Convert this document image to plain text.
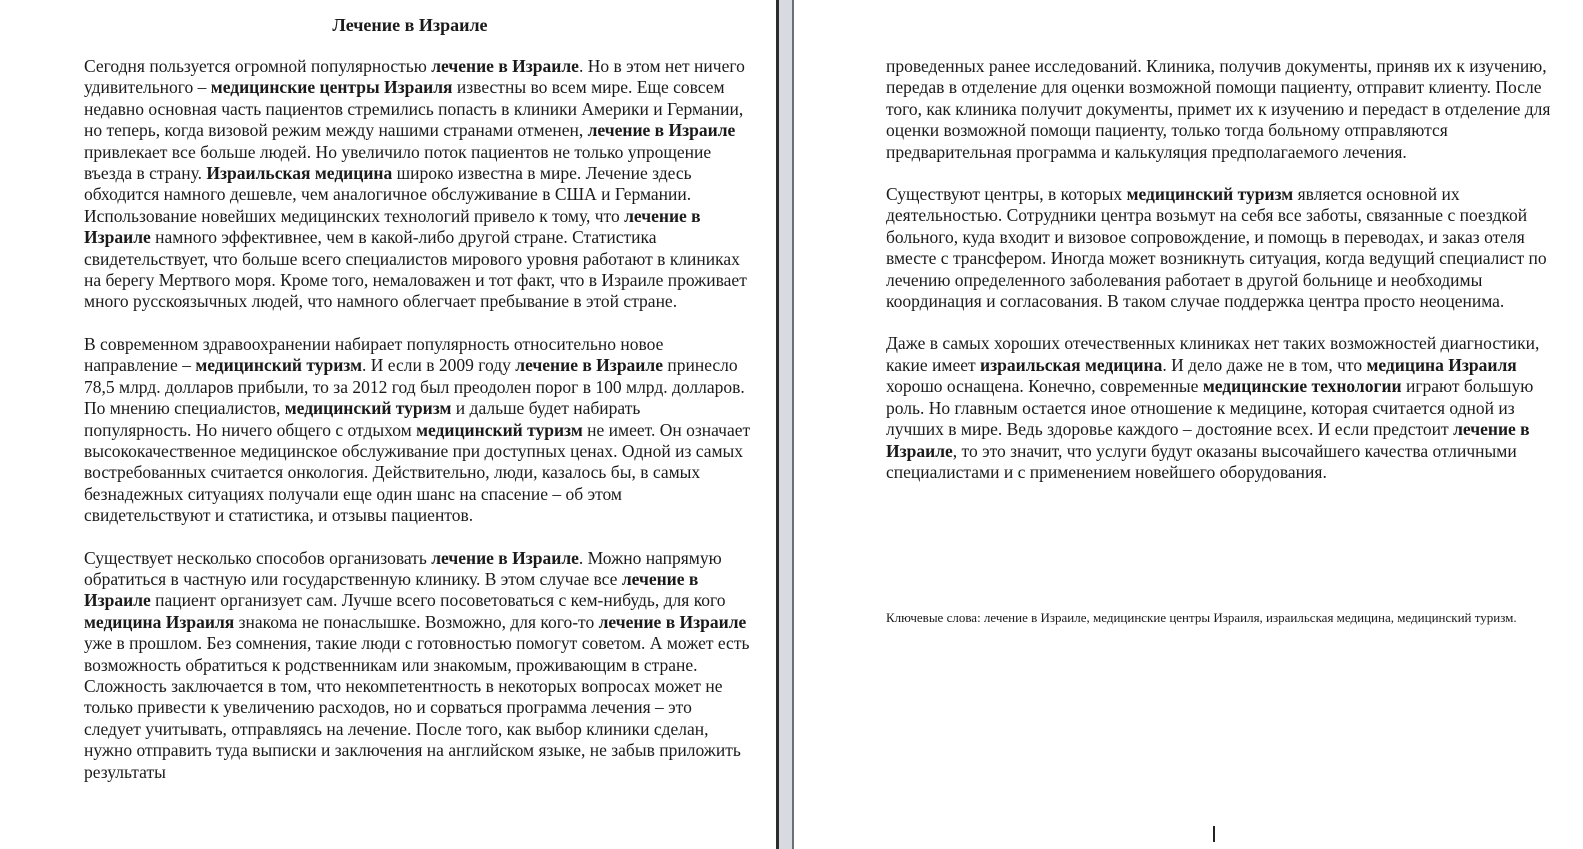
Лечение в Израиле

Сегодня пользуется огромной популярностью лечение в Израиле. Но в этом нет ничего удивительного – медицинские центры Израиля известны во всем мире. Еще совсем недавно основная часть пациентов стремились попасть в клиники Америки и Германии, но теперь, когда визовой режим между нашими странами отменен, лечение в Израиле привлекает все больше людей. Но увеличило поток пациентов не только упрощение въезда в страну. Израильская медицина широко известна в мире. Лечение здесь обходится намного дешевле, чем аналогичное обслуживание в США и Германии. Использование новейших медицинских технологий привело к тому, что лечение в Израиле намного эффективнее, чем в какой-либо другой стране. Статистика свидетельствует, что больше всего специалистов мирового уровня работают в клиниках на берегу Мертвого моря. Кроме того, немаловажен и тот факт, что в Израиле проживает много русскоязычных людей, что намного облегчает пребывание в этой стране.

В современном здравоохранении набирает популярность относительно новое направление – медицинский туризм. И если в 2009 году лечение в Израиле принесло 78,5 млрд. долларов прибыли, то за 2012 год был преодолен порог в 100 млрд. долларов. По мнению специалистов, медицинский туризм и дальше будет набирать популярность. Но ничего общего с отдыхом медицинский туризм не имеет. Он означает высококачественное медицинское обслуживание при доступных ценах. Одной из самых востребованных считается онкология. Действительно, люди, казалось бы, в самых безнадежных ситуациях получали еще один шанс на спасение – об этом свидетельствуют и статистика, и отзывы пациентов.

Существует несколько способов организовать лечение в Израиле. Можно напрямую обратиться в частную или государственную клинику. В этом случае все лечение в Израиле пациент организует сам. Лучше всего посоветоваться с кем-нибудь, для кого медицина Израиля знакома не понаслышке. Возможно, для кого-то лечение в Израиле уже в прошлом. Без сомнения, такие люди с готовностью помогут советом. А может есть возможность обратиться к родственникам или знакомым, проживающим в стране. Сложность заключается в том, что некомпетентность в некоторых вопросах может не только привести к увеличению расходов, но и сорваться программа лечения – это следует учитывать, отправляясь на лечение. После того, как выбор клиники сделан, нужно отправить туда выписки и заключения на английском языке, не забыв приложить результаты

проведенных ранее исследований. Клиника, получив документы, приняв их к изучению, передав в отделение для оценки возможной помощи пациенту, отправит клиенту. После того, как клиника получит документы, примет их к изучению и передаст в отделение для оценки возможной помощи пациенту, только тогда больному отправляются предварительная программа и калькуляция предполагаемого лечения.

Существуют центры, в которых медицинский туризм является основной их деятельностью. Сотрудники центра возьмут на себя все заботы, связанные с поездкой больного, куда входит и визовое сопровождение, и помощь в переводах, и заказ отеля вместе с трансфером. Иногда может возникнуть ситуация, когда ведущий специалист по лечению определенного заболевания работает в другой больнице и необходимы координация и согласования. В таком случае поддержка центра просто неоценима.

Даже в самых хороших отечественных клиниках нет таких возможностей диагностики, какие имеет израильская медицина. И дело даже не в том, что медицина Израиля хорошо оснащена. Конечно, современные медицинские технологии играют большую роль. Но главным остается иное отношение к медицине, которая считается одной из лучших в мире. Ведь здоровье каждого – достояние всех. И если предстоит лечение в Израиле, то это значит, что услуги будут оказаны высочайшего качества отличными специалистами и с применением новейшего оборудования.

Ключевые слова: лечение в Израиле, медицинские центры Израиля, израильская медицина, медицинский туризм.
